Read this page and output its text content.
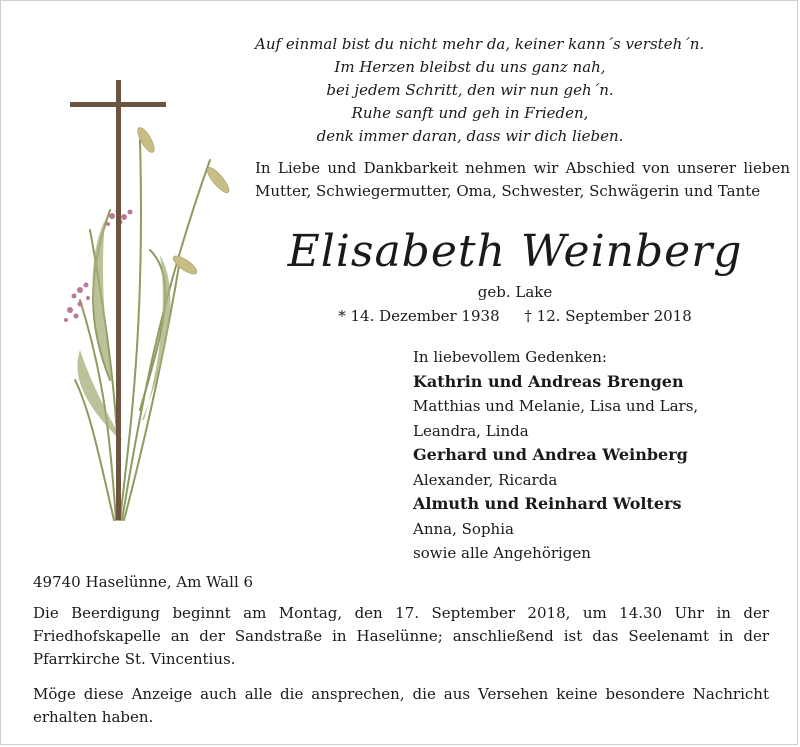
Auf einmal bist du nicht mehr da, keiner kann´s versteh´n.
Im Herzen bleibst du uns ganz nah,
bei jedem Schritt, den wir nun geh´n.
Ruhe sanft und geh in Frieden,
denk immer daran, dass wir dich lieben.
In Liebe und Dankbarkeit nehmen wir Abschied von unserer lieben Mutter, Schwiegermutter, Oma, Schwester, Schwägerin und Tante
Elisabeth Weinberg
geb. Lake
* 14. Dezember 1938 † 12. September 2018
In liebevollem Gedenken:
Kathrin und Andreas Brengen
Matthias und Melanie, Lisa und Lars,
Leandra, Linda
Gerhard und Andrea Weinberg
Alexander, Ricarda
Almuth und Reinhard Wolters
Anna, Sophia
sowie alle Angehörigen
49740 Haselünne, Am Wall 6
Die Beerdigung beginnt am Montag, den 17. September 2018, um 14.30 Uhr in der Friedhofskapelle an der Sandstraße in Haselünne; anschließend ist das Seelenamt in der Pfarrkirche St. Vincentius.
Möge diese Anzeige auch alle die ansprechen, die aus Versehen keine besondere Nachricht erhalten haben.
